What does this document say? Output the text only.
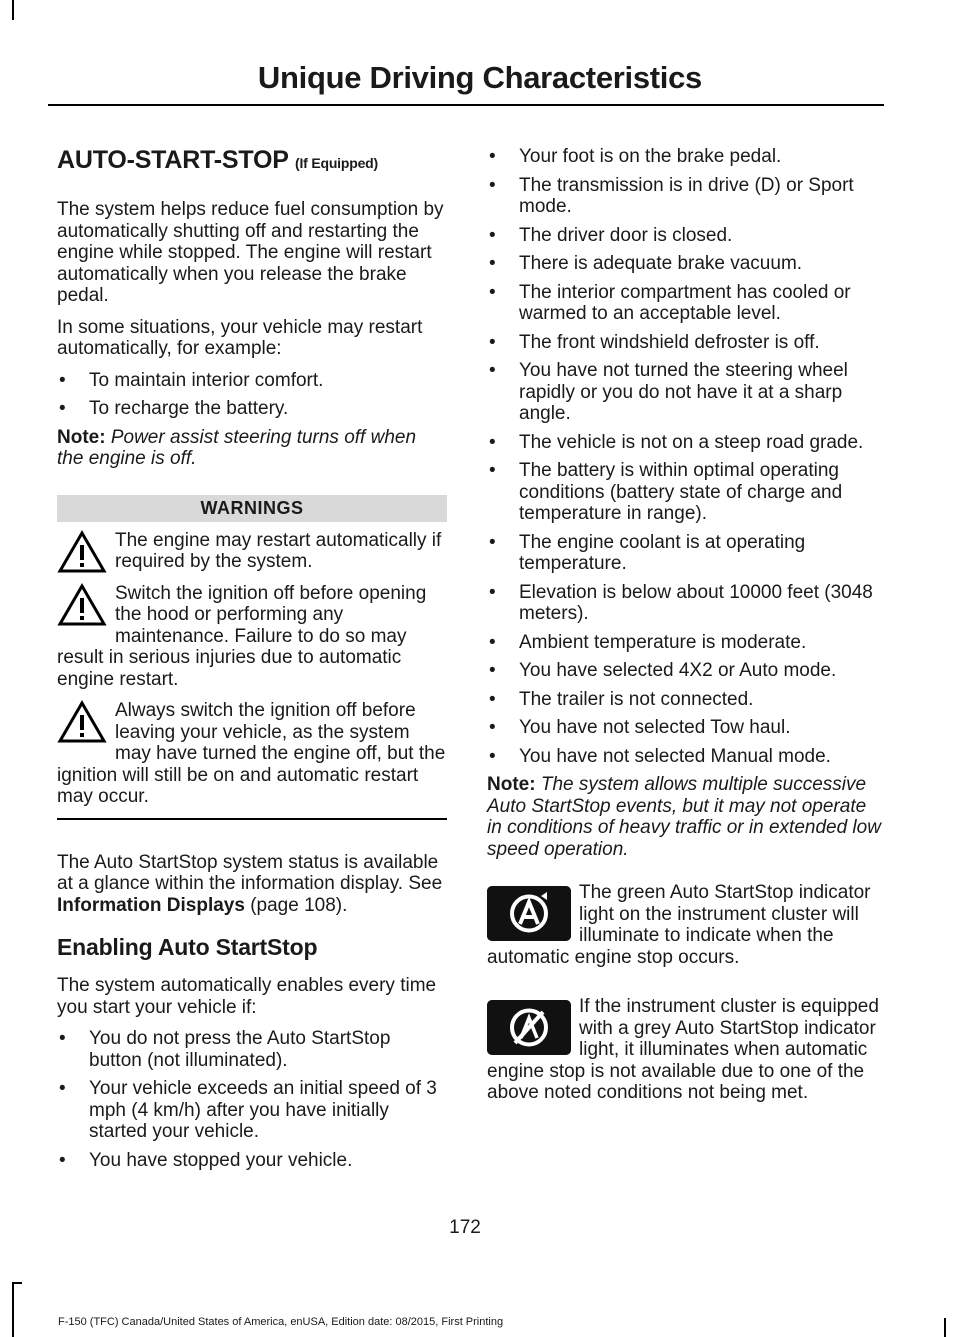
Unique Driving Characteristics
AUTO-START-STOP (If Equipped)

The system helps reduce fuel consumption by automatically shutting off and restarting the engine while stopped. The engine will restart automatically when you release the brake pedal.

In some situations, your vehicle may restart automatically, for example:

• To maintain interior comfort.
• To recharge the battery.

Note: Power assist steering turns off when the engine is off.

WARNINGS
The engine may restart automatically if required by the system.
Switch the ignition off before opening the hood or performing any maintenance. Failure to do so may result in serious injuries due to automatic engine restart.
Always switch the ignition off before leaving your vehicle, as the system may have turned the engine off, but the ignition will still be on and automatic restart may occur.

The Auto StartStop system status is available at a glance within the information display. See Information Displays (page 108).

Enabling Auto StartStop

The system automatically enables every time you start your vehicle if:

• You do not press the Auto StartStop button (not illuminated).
• Your vehicle exceeds an initial speed of 3 mph (4 km/h) after you have initially started your vehicle.
• You have stopped your vehicle.
• Your foot is on the brake pedal.
• The transmission is in drive (D) or Sport mode.
• The driver door is closed.
• There is adequate brake vacuum.
• The interior compartment has cooled or warmed to an acceptable level.
• The front windshield defroster is off.
• You have not turned the steering wheel rapidly or you do not have it at a sharp angle.
• The vehicle is not on a steep road grade.
• The battery is within optimal operating conditions (battery state of charge and temperature in range).
• The engine coolant is at operating temperature.
• Elevation is below about 10000 feet (3048 meters).
• Ambient temperature is moderate.
• You have selected 4X2 or Auto mode.
• The trailer is not connected.
• You have not selected Tow haul.
• You have not selected Manual mode.

Note: The system allows multiple successive Auto StartStop events, but it may not operate in conditions of heavy traffic or in extended low speed operation.

The green Auto StartStop indicator light on the instrument cluster will illuminate to indicate when the automatic engine stop occurs.

If the instrument cluster is equipped with a grey Auto StartStop indicator light, it illuminates when automatic engine stop is not available due to one of the above noted conditions not being met.

172
F-150 (TFC) Canada/United States of America, enUSA, Edition date: 08/2015, First Printing
